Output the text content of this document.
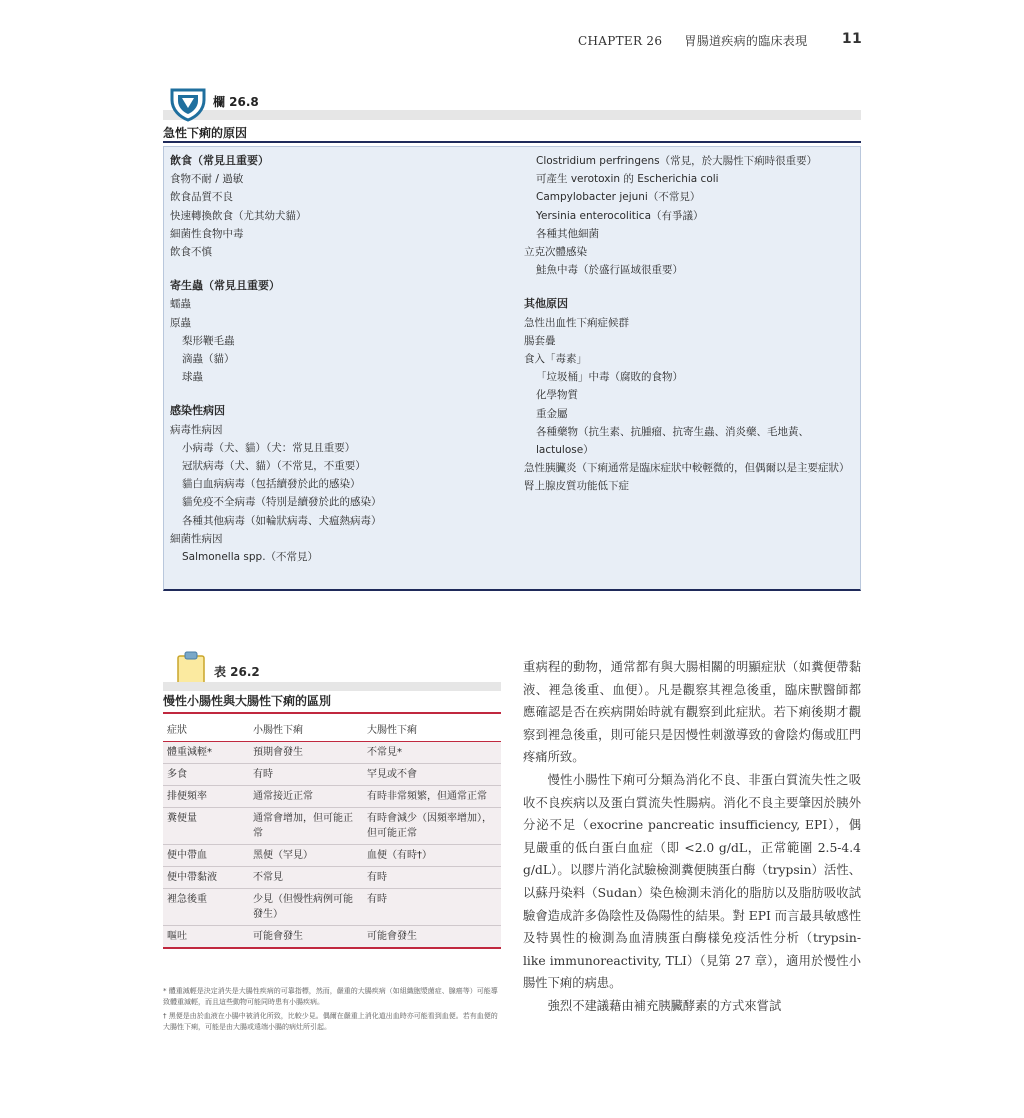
CHAPTER 26 胃腸道疾病的臨床表現 11
欄 26.8
急性下痢的原因
飲食（常見且重要）
食物不耐 / 過敏
飲食品質不良
快速轉換飲食（尤其幼犬貓）
細菌性食物中毒
飲食不慎
寄生蟲（常見且重要）
蠕蟲
原蟲
梨形鞭毛蟲
滴蟲（貓）
球蟲
感染性病因
病毒性病因
小病毒（犬、貓）（犬：常見且重要）
冠狀病毒（犬、貓）（不常見，不重要）
貓白血病病毒（包括續發於此的感染）
貓免疫不全病毒（特別是續發於此的感染）
各種其他病毒（如輪狀病毒、犬瘟熱病毒）
細菌性病因
Salmonella spp.（不常見）
Clostridium perfringens（常見，於大腸性下痢時很重要）
可產生 verotoxin 的 Escherichia coli
Campylobacter jejuni（不常見）
Yersinia enterocolitica（有爭議）
各種其他細菌
立克次體感染
鮭魚中毒（於盛行區域很重要）
其他原因
急性出血性下痢症候群
腸套疊
食入「毒素」
「垃圾桶」中毒（腐敗的食物）
化學物質
重金屬
各種藥物（抗生素、抗腫瘤、抗寄生蟲、消炎藥、毛地黃、lactulose）
急性胰臟炎（下痢通常是臨床症狀中較輕微的，但偶爾以是主要症狀）
腎上腺皮質功能低下症
表 26.2
慢性小腸性與大腸性下痢的區別
症狀	小腸性下痢	大腸性下痢
體重減輕*	預期會發生	不常見*
多食	有時	罕見或不會
排便頻率	通常接近正常	有時非常頻繁，但通常正常
糞便量	通常會增加，但可能正常	有時會減少（因頻率增加），但可能正常
便中帶血	黑便（罕見）	血便（有時†）
便中帶黏液	不常見	有時
裡急後重	少見（但慢性病例可能發生）	有時
嘔吐	可能會發生	可能會發生

* 體重減輕是決定消失是大腸性疾病的可靠指標，然而，嚴重的大腸疾病（如組織胞漿菌症、腺癌等）可能導致體重減輕，而且這些動物可能同時患有小腸疾病。

† 黑便是由於血液在小腸中被消化所致，比較少見。偶爾在嚴重上消化道出血時亦可能看到血便。若有血便的大腸性下痢，可能是由大腸或遠端小腸的病灶所引起。

重病程的動物，通常都有與大腸相關的明顯症狀（如糞便帶黏液、裡急後重、血便）。凡是觀察其裡急後重，臨床獸醫師都應確認是否在疾病開始時就有觀察到此症狀。若下痢後期才觀察到裡急後重，則可能只是因慢性刺激導致的會陰灼傷或肛門疼痛所致。

慢性小腸性下痢可分類為消化不良、非蛋白質流失性之吸收不良疾病以及蛋白質流失性腸病。消化不良主要肇因於胰外分泌不足（exocrine pancreatic insufficiency, EPI），偶見嚴重的低白蛋白血症（即 <2.0 g/dL，正常範圍 2.5-4.4 g/dL）。以膠片消化試驗檢測糞便胰蛋白酶（trypsin）活性、以蘇丹染料（Sudan）染色檢測未消化的脂肪以及脂肪吸收試驗會造成許多偽陰性及偽陽性的結果。對 EPI 而言最具敏感性及特異性的檢測為血清胰蛋白酶樣免疫活性分析（trypsin-like immunoreactivity, TLI）（見第 27 章），適用於慢性小腸性下痢的病患。

強烈不建議藉由補充胰臟酵素的方式來嘗試
